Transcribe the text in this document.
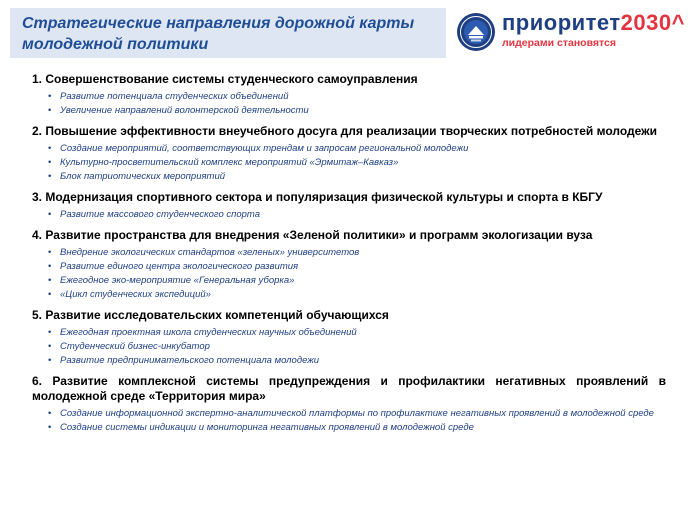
Стратегические направления дорожной карты
молодежной политики
приоритет2030^
лидерами становятся
1. Совершенствование системы студенческого самоуправления
• Развитие потенциала студенческих объединений
• Увеличение направлений волонтерской деятельности
2. Повышение эффективности внеучебного досуга для реализации творческих потребностей молодежи
• Создание мероприятий, соответствующих трендам и запросам региональной молодежи
• Культурно-просветительский комплекс мероприятий «Эрмитаж–Кавказ»
• Блок патриотических мероприятий
3. Модернизация спортивного сектора и популяризация физической культуры и спорта в КБГУ
• Развитие массового студенческого спорта
4. Развитие пространства для внедрения «Зеленой политики» и программ экологизации вуза
• Внедрение экологических стандартов «зеленых» университетов
• Развитие единого центра экологического развития
• Ежегодное эко-мероприятие «Генеральная уборка»
• «Цикл студенческих экспедиций»
5. Развитие исследовательских компетенций обучающихся
• Ежегодная проектная школа студенческих научных объединений
• Студенческий бизнес-инкубатор
• Развитие предпринимательского потенциала молодежи
6. Развитие комплексной системы предупреждения и профилактики негативных проявлений в молодежной среде «Территория мира»
• Создание информационной экспертно-аналитической платформы по профилактике негативных проявлений в молодежной среде
• Создание системы индикации и мониторинга негативных проявлений в молодежной среде
